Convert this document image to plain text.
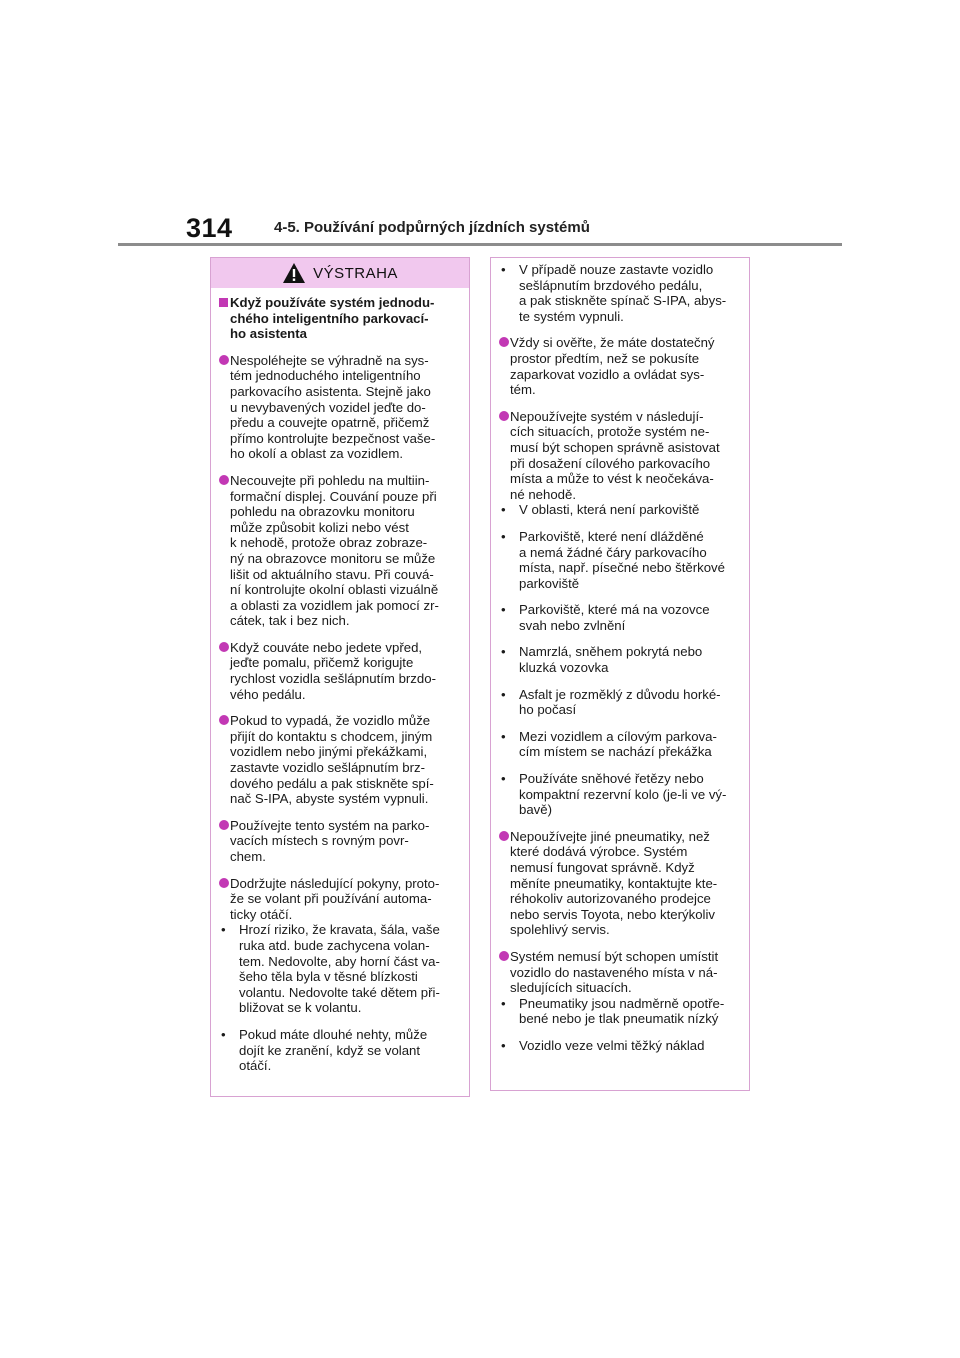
314	4-5. Používání podpůrných jízdních systémů
VÝSTRAHA
Když používáte systém jednodu-
chého inteligentního parkovací-
ho asistenta
Nespoléhejte se výhradně na sys-
tém jednoduchého inteligentního
parkovacího asistenta. Stejně jako
u nevybavených vozidel jeďte do-
předu a couvejte opatrně, přičemž
přímo kontrolujte bezpečnost vaše-
ho okolí a oblast za vozidlem.
Necouvejte při pohledu na multiin-
formační displej. Couvání pouze při
pohledu na obrazovku monitoru
může způsobit kolizi nebo vést
k nehodě, protože obraz zobraze-
ný na obrazovce monitoru se může
lišit od aktuálního stavu. Při couvá-
ní kontrolujte okolní oblasti vizuálně
a oblasti za vozidlem jak pomocí zr-
cátek, tak i bez nich.
Když couváte nebo jedete vpřed,
jeďte pomalu, přičemž korigujte
rychlost vozidla sešlápnutím brzdo-
vého pedálu.
Pokud to vypadá, že vozidlo může
přijít do kontaktu s chodcem, jiným
vozidlem nebo jinými překážkami,
zastavte vozidlo sešlápnutím brz-
dového pedálu a pak stiskněte spí-
nač S-IPA, abyste systém vypnuli.
Používejte tento systém na parko-
vacích místech s rovným povr-
chem.
Dodržujte následující pokyny, proto-
že se volant při používání automa-
ticky otáčí.
• Hrozí riziko, že kravata, šála, vaše
ruka atd. bude zachycena volan-
tem. Nedovolte, aby horní část va-
šeho těla byla v těsné blízkosti
volantu. Nedovolte také dětem při-
bližovat se k volantu.
• Pokud máte dlouhé nehty, může
dojít ke zranění, když se volant
otáčí.
• V případě nouze zastavte vozidlo
sešlápnutím brzdového pedálu,
a pak stiskněte spínač S-IPA, abys-
te systém vypnuli.
Vždy si ověřte, že máte dostatečný
prostor předtím, než se pokusíte
zaparkovat vozidlo a ovládat sys-
tém.
Nepoužívejte systém v následují-
cích situacích, protože systém ne-
musí být schopen správně asistovat
při dosažení cílového parkovacího
místa a může to vést k neočekáva-
né nehodě.
• V oblasti, která není parkoviště
• Parkoviště, které není dlážděné
a nemá žádné čáry parkovacího
místa, např. písečné nebo štěrkové
parkoviště
• Parkoviště, které má na vozovce
svah nebo zvlnění
• Namrzlá, sněhem pokrytá nebo
kluzká vozovka
• Asfalt je rozměklý z důvodu horké-
ho počasí
• Mezi vozidlem a cílovým parkova-
cím místem se nachází překážka
• Používáte sněhové řetězy nebo
kompaktní rezervní kolo (je-li ve vý-
bavě)
Nepoužívejte jiné pneumatiky, než
které dodává výrobce. Systém
nemusí fungovat správně. Když
měníte pneumatiky, kontaktujte kte-
réhokoliv autorizovaného prodejce
nebo servis Toyota, nebo kterýkoliv
spolehlivý servis.
Systém nemusí být schopen umístit
vozidlo do nastaveného místa v ná-
sledujících situacích.
• Pneumatiky jsou nadměrně opotře-
bené nebo je tlak pneumatik nízký
• Vozidlo veze velmi těžký náklad
